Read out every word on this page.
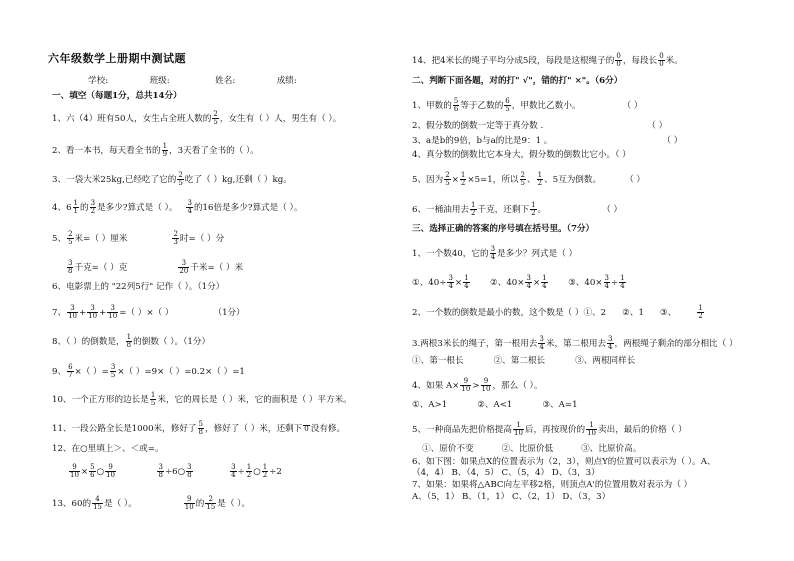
六年级数学上册期中测试题
学校:	班级:	姓名:	成绩:
一、填空（每题1分，总共14分）
1、六（4）班有50人，女生占全班人数的 $\frac{2}{5}$ ，女生有（ ）人，男生有（ ）。
2、看一本书，每天看全书的 $\frac{1}{9}$ ，3天看了全书的（ ）。
3、一袋大米25kg,已经吃了它的 $\frac{2}{5}$ 吃了（ ）kg,还剩（ ）kg。
4、$6 \frac{1}{1}$ 的 $\frac{3}{2}$ 是多少?算式是（ ）。 $\frac{3}{4}$ 的16倍是多少?算式是（ ）。
5、 $\frac{2}{5}$ 米=（ ）厘米	$\frac{2}{3}$ 时=（ ）分
$\frac{3}{8}$ 千克=（ ）克	$\frac{3}{20}$ 千米=（ ）米
6、电影票上的 "22列5行" 记作（ ）。（1分）
7、 $\frac{3}{10} + \frac{3}{10} + \frac{3}{10}$ =（ ）×（ ）	（1分）
8、（ ）的倒数是， $\frac{1}{8}$ 的倒数（ ）。（1分）
9、 $\frac{6}{7}$ ×（ ）= $\frac{3}{5}$ ×（ ）=9×（ ）=0.2×（ ）=1
10、一个正方形的边长是 $\frac{1}{5}$ 米，它的周长是（ ）米，它的面积是（ ）平方米。
11、一段公路全长是1000米，修好了 $\frac{5}{8}$ ，修好了（ ）米，还剩下 0 没有修。
12、在○里填上＞、＜或=。
$\frac{9}{10} \times \frac{5}{6}$ ○ $\frac{9}{10}$
	$\frac{3}{8}$ ÷6○ $\frac{3}{8}$
	$\frac{3}{4} \div \frac{1}{2}$ ○ $\frac{1}{2} \div 2$
13、60的 $\frac{4}{15}$ 是（ ）。	$\frac{9}{10}$ 的 $\frac{2}{15}$ 是（ ）。
14、把4米长的绳子平均分成5段，每段是这根绳子的 $\frac{0}{0}$ ，每段长 $\frac{0}{0}$ 米。
二、判断下面各题，对的打" √"，错的打" ×"。（6分）
1、甲数的 $\frac{5}{6}$ 等于乙数的 $\frac{6}{5}$ ，甲数比乙数小。	（ ）
2、假分数的倒数一定等于真分数 .	（ ）
3、a是b的9倍，b与a的比是9：1 。	（ ）
4、真分数的倒数比它本身大，假分数的倒数比它小。（ ）
5、因为 $\frac{2}{5} \times \frac{1}{2} \times 5=1$，所以 $\frac{2}{5}$ 、 $\frac{1}{2}$ 、5互为倒数。	（ ）
6、一桶油用去 $\frac{1}{2}$ 千克，还剩下 $\frac{1}{2}$ 。	（ ）
三、选择正确的答案的序号填在括号里。（7分）
1、一个数40，它的 $\frac{3}{4}$ 是多少？列式是（ ）
①、$40\div \frac{3}{4} \times \frac{1}{4}$ ②、$40\times \frac{3}{4} \times \frac{1}{4}$ ③、$40\times \frac{3}{4} \div \frac{1}{4}$
2、一个数的倒数是最小的数，这个数是（ ）①、2 ②、1 ③、	$\frac{1}{2}$
3.两根3米长的绳子，第一根用去 $\frac{3}{4}$ 米，第二根用去 $\frac{3}{4}$ ，两根绳子剩余的部分相比（ ）
①、第一根长	②、第二根长	③、两根同样长
4、如果 $A\times \frac{9}{10} > \frac{9}{10}$ ，那么（ ）。
①、A>1	②、A<1	③、A=1
5、一种商品先把价格提高 $\frac{1}{10}$ 后，再按现价的 $\frac{1}{10}$ 卖出，最后的价格（ ）
①、原价不变	②、比原价低	③、比原价高。
6、如下图：如果点X的位置表示为（2，3），则点Y的位置可以表示为（ ）。A、
（4，4） B、（4，5） C、（5，4） D、（3，3）
7、如果：如果将△ABC向左平移2格，则顶点A'的位置用数对表示为（ ）
A、（5，1） B、（1，1） C、（2，1） D、（3，3）
